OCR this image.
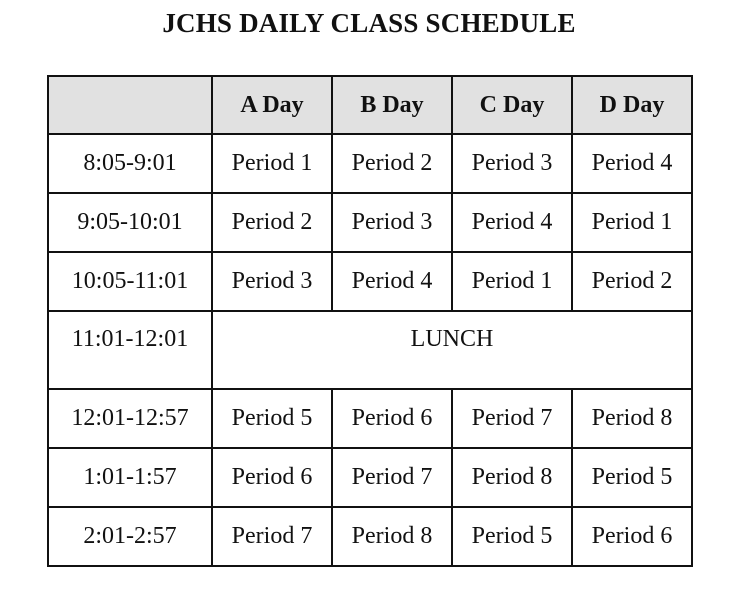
JCHS DAILY CLASS SCHEDULE
	A Day	B Day	C Day	D Day
8:05-9:01	Period 1	Period 2	Period 3	Period 4
9:05-10:01	Period 2	Period 3	Period 4	Period 1
10:05-11:01	Period 3	Period 4	Period 1	Period 2
11:01-12:01	LUNCH			
12:01-12:57	Period 5	Period 6	Period 7	Period 8
1:01-1:57	Period 6	Period 7	Period 8	Period 5
2:01-2:57	Period 7	Period 8	Period 5	Period 6
